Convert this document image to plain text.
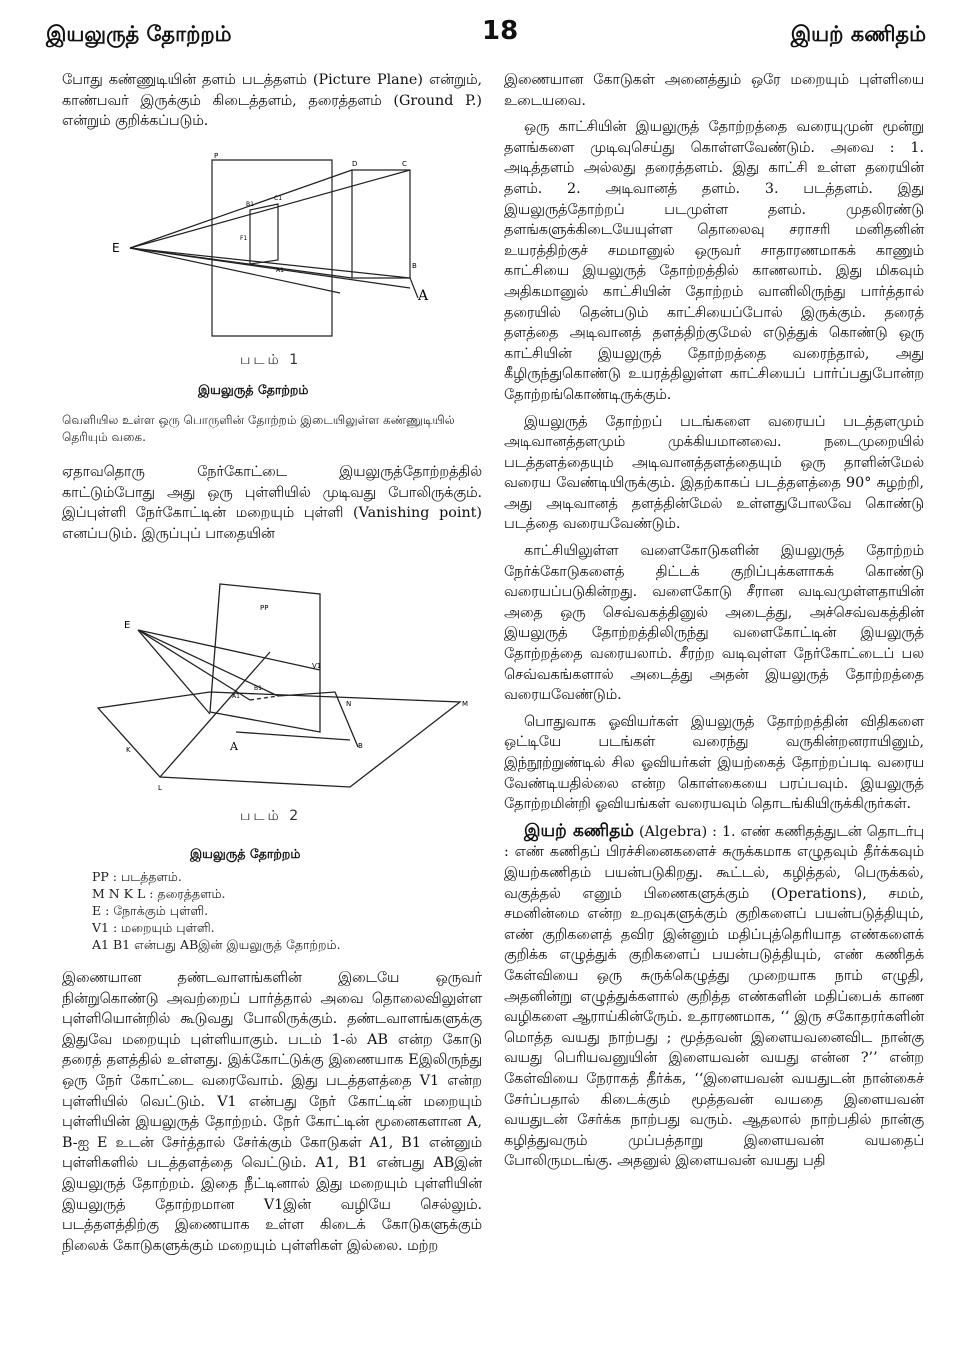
இயலுருத் தோற்றம்	18	இயற் கணிதம்

போது கண்ணுடியின் தளம் படத்தளம் (Picture Plane) என்றும், காண்பவர் இருக்கும் கிடைத்தளம், தரைத்தளம் (Ground P.) என்றும் குறிக்கப்படும்.

E
P
D	C
B1
C1
F1
A1
B
A
படம் 1
இயலுருத் தோற்றம்
வெளியில உள்ள ஒரு பொருளின் தோற்றம் இடையிலுள்ள கண்ணுடியில் தெரியும் வகை.

ஏதாவதொரு நேர்கோட்டை இயலுருத்தோற்றத்தில் காட்டும்போது அது ஒரு புள்ளியில் முடிவது போலிருக்கும். இப்புள்ளி நேர்கோட்டின் மறையும் புள்ளி (Vanishing point) எனப்படும். இருப்புப் பாதையின்

E
PP
V1
B1
A1
A	B
N
K
M
L
படம் 2
இயலுருத் தோற்றம்
PP : படத்தளம்.
M N K L : தரைத்தளம்.
E : நோக்கும் புள்ளி.
V1 : மறையும் புள்ளி.
A1 B1 என்பது ABஇன் இயலுருத் தோற்றம்.

இணையான தண்டவாளங்களின் இடையே ஒருவர் நின்றுகொண்டு அவற்றைப் பார்த்தால் அவை தொலைவிலுள்ள புள்ளியொன்றில் கூடுவது போலிருக்கும். தண்டவாளங்களுக்கு இதுவே மறையும் புள்ளியாகும். படம் 1-ல் AB என்ற கோடு தரைத் தளத்தில் உள்ளது. இக்கோட்டுக்கு இணையாக Eஇலிருந்து ஒரு நேர் கோட்டை வரைவோம். இது படத்தளத்தை V1 என்ற புள்ளியில் வெட்டும். V1 என்பது நேர் கோட்டின் மறையும் புள்ளியின் இயலுருத் தோற்றம். நேர் கோட்டின் மூனைகளான A, B-ஐ E உடன் சேர்த்தால் சேர்க்கும் கோடுகள் A1, B1 என்னும் புள்ளிகளில் படத்தளத்தை வெட்டும். A1, B1 என்பது ABஇன் இயலுருத் தோற்றம். இதை நீட்டினால் இது மறையும் புள்ளியின் இயலுருத் தோற்றமான V1இன் வழியே செல்லும். படத்தளத்திற்கு இணையாக உள்ள கிடைக் கோடுகளுக்கும் நிலைக் கோடுகளுக்கும் மறையும் புள்ளிகள் இல்லை. மற்ற

இணையான கோடுகள் அனைத்தும் ஒரே மறையும் புள்ளியை உடையவை.

ஒரு காட்சியின் இயலுருத் தோற்றத்தை வரையுமுன் மூன்று தளங்களை முடிவுசெய்து கொள்ளவேண்டும். அவை : 1. அடித்தளம் அல்லது தரைத்தளம். இது காட்சி உள்ள தரையின் தளம். 2. அடிவானத் தளம். 3. படத்தளம். இது இயலுருத்தோற்றப் படமுள்ள தளம். முதலிரண்டு தளங்களுக்கிடையேயுள்ள தொலைவு சராசரி மனிதனின் உயரத்திற்குச் சமமானுல் ஒருவர் சாதாரணமாகக் காணும் காட்சியை இயலுருத் தோற்றத்தில் காணலாம். இது மிகவும் அதிகமானுல் காட்சியின் தோற்றம் வானிலிருந்து பார்த்தால் தரையில் தென்படும் காட்சியைப்போல் இருக்கும். தரைத் தளத்தை அடிவானத் தளத்திற்குமேல் எடுத்துக் கொண்டு ஒரு காட்சியின் இயலுருத் தோற்றத்தை வரைந்தால், அது கீழிருந்துகொண்டு உயரத்திலுள்ள காட்சியைப் பார்ப்பதுபோன்ற தோற்றங்கொண்டிருக்கும்.

இயலுருத் தோற்றப் படங்களை வரையப் படத்தளமும் அடிவானத்தளமும் முக்கியமானவை. நடைமுறையில் படத்தளத்தையும் அடிவானத்தளத்தையும் ஒரு தாளின்மேல் வரைய வேண்டியிருக்கும். இதற்காகப் படத்தளத்தை 90° சுழற்றி, அது அடிவானத் தளத்தின்மேல் உள்ளதுபோலவே கொண்டு படத்தை வரையவேண்டும்.

காட்சியிலுள்ள வளைகோடுகளின் இயலுருத் தோற்றம் நேர்க்கோடுகளைத் திட்டக் குறிப்புக்களாகக் கொண்டு வரையப்படுகின்றது. வளைகோடு சீரான வடிவமுள்ளதாயின் அதை ஒரு செவ்வகத்தினுல் அடைத்து, அச்செவ்வகத்தின் இயலுருத் தோற்றத்திலிருந்து வளைகோட்டின் இயலுருத் தோற்றத்தை வரையலாம். சீரற்ற வடிவுள்ள நேர்கோட்டைப் பல செவ்வகங்களால் அடைத்து அதன் இயலுருத் தோற்றத்தை வரையவேண்டும்.

பொதுவாக ஓவியர்கள் இயலுருத் தோற்றத்தின் விதிகளை ஒட்டியே படங்கள் வரைந்து வருகின்றனராயினும், இந்நூற்றுண்டில் சில ஓவியர்கள் இயற்கைத் தோற்றப்படி வரைய வேண்டியதில்லை என்ற கொள்கையை பரப்பவும். இயலுருத் தோற்றமின்றி ஓவியங்கள் வரையவும் தொடங்கியிருக்கிருர்கள்.

இயற் கணிதம் (Algebra) : 1. எண் கணிதத்துடன் தொடர்பு : எண் கணிதப் பிரச்சினைகளைச் சுருக்கமாக எழுதவும் தீர்க்கவும் இயற்கணிதம் பயன்படுகிறது. கூட்டல், கழித்தல், பெருக்கல், வகுத்தல் எனும் பிணைகளுக்கும் (Operations), சமம், சமனின்மை என்ற உறவுகளுக்கும் குறிகளைப் பயன்படுத்தியும், எண் குறிகளைத் தவிர இன்னும் மதிப்புத்தெரியாத எண்களைக் குறிக்க எழுத்துக் குறிகளைப் பயன்படுத்தியும், எண் கணிதக் கேள்வியை ஒரு சுருக்கெழுத்து முறையாக நாம் எழுதி, அதனின்று எழுத்துக்களால் குறித்த எண்களின் மதிப்பைக் காண வழிகளை ஆராய்கின்ருேம். உதாரணமாக, ‘‘ இரு சகோதரர்களின் மொத்த வயது நாற்பது ; மூத்தவன் இளையவனைவிட நான்கு வயது பெரியவனுயின் இளையவன் வயது என்ன ?’’ என்ற கேள்வியை நேராகத் தீர்க்க, ‘‘இளையவன் வயதுடன் நான்கைச் சேர்ப்பதால் கிடைக்கும் மூத்தவன் வயதை இளையவன் வயதுடன் சேர்க்க நாற்பது வரும். ஆதலால் நாற்பதில் நான்கு கழித்துவரும் முப்பத்தாறு இளையவன் வயதைப் போலிருமடங்கு. அதனுல் இளையவன் வயது பதி
